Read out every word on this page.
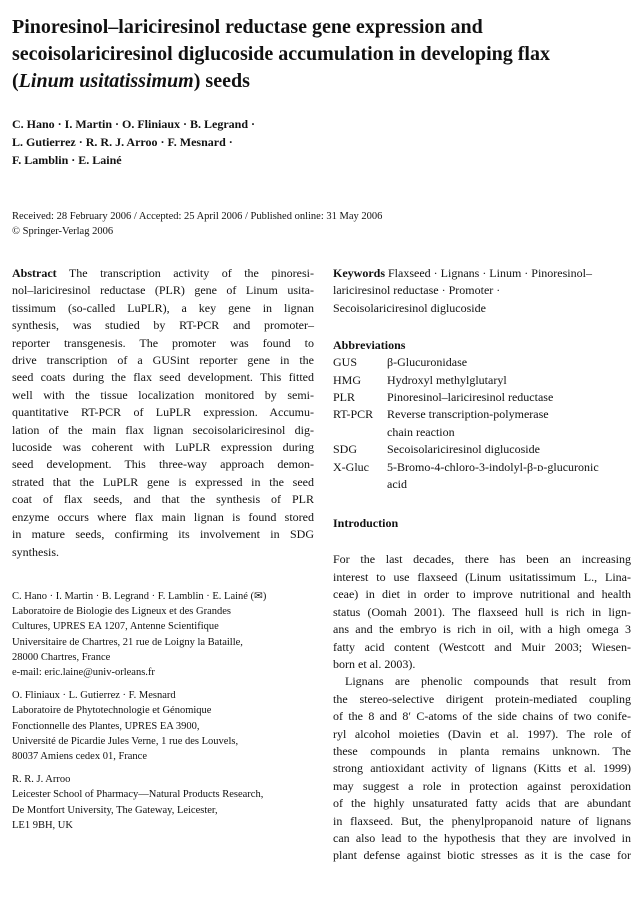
Pinoresinol–lariciresinol reductase gene expression and
secoisolariciresinol diglucoside accumulation in developing flax
(Linum usitatissimum) seeds
C. Hano · I. Martin · O. Fliniaux · B. Legrand ·
L. Gutierrez · R. R. J. Arroo · F. Mesnard ·
F. Lamblin · E. Lainé
Received: 28 February 2006 / Accepted: 25 April 2006 / Published online: 31 May 2006
© Springer-Verlag 2006
Abstract The transcription activity of the pinoresi-
nol–lariciresinol reductase (PLR) gene of Linum usita-
tissimum (so-called LuPLR), a key gene in lignan
synthesis, was studied by RT-PCR and promoter–
reporter transgenesis. The promoter was found to
drive transcription of a GUSint reporter gene in the
seed coats during the flax seed development. This fitted
well with the tissue localization monitored by semi-
quantitative RT-PCR of LuPLR expression. Accumu-
lation of the main flax lignan secoisolariciresinol dig-
lucoside was coherent with LuPLR expression during
seed development. This three-way approach demon-
strated that the LuPLR gene is expressed in the seed
coat of flax seeds, and that the synthesis of PLR
enzyme occurs where flax main lignan is found stored
in mature seeds, confirming its involvement in SDG
synthesis.
C. Hano · I. Martin · B. Legrand · F. Lamblin · E. Lainé (✉)
Laboratoire de Biologie des Ligneux et des Grandes
Cultures, UPRES EA 1207, Antenne Scientifique
Universitaire de Chartres, 21 rue de Loigny la Bataille,
28000 Chartres, France
e-mail: eric.laine@univ-orleans.fr
O. Fliniaux · L. Gutierrez · F. Mesnard
Laboratoire de Phytotechnologie et Génomique
Fonctionnelle des Plantes, UPRES EA 3900,
Université de Picardie Jules Verne, 1 rue des Louvels,
80037 Amiens cedex 01, France
R. R. J. Arroo
Leicester School of Pharmacy—Natural Products Research,
De Montfort University, The Gateway, Leicester,
LE1 9BH, UK
Keywords Flaxseed · Lignans · Linum · Pinoresinol–
lariciresinol reductase · Promoter ·
Secoisolariciresinol diglucoside
Abbreviations
GUS	β-Glucuronidase
HMG	Hydroxyl methylglutaryl
PLR	Pinoresinol–lariciresinol reductase
RT-PCR	Reverse transcription-polymerase
chain reaction
SDG	Secoisolariciresinol diglucoside
X-Gluc	5-Bromo-4-chloro-3-indolyl-β-ᴅ-glucuronic
acid
Introduction
For the last decades, there has been an increasing
interest to use flaxseed (Linum usitatissimum L., Lina-
ceae) in diet in order to improve nutritional and health
status (Oomah 2001). The flaxseed hull is rich in lign-
ans and the embryo is rich in oil, with a high omega 3
fatty acid content (Westcott and Muir 2003; Wiesen-
born et al. 2003).
Lignans are phenolic compounds that result from
the stereo-selective dirigent protein-mediated coupling
of the 8 and 8′ C-atoms of the side chains of two conife-
ryl alcohol moieties (Davin et al. 1997). The role of
these compounds in planta remains unknown. The
strong antioxidant activity of lignans (Kitts et al. 1999)
may suggest a role in protection against peroxidation
of the highly unsaturated fatty acids that are abundant
in flaxseed. But, the phenylpropanoid nature of lignans
can also lead to the hypothesis that they are involved in
plant defense against biotic stresses as it is the case for
